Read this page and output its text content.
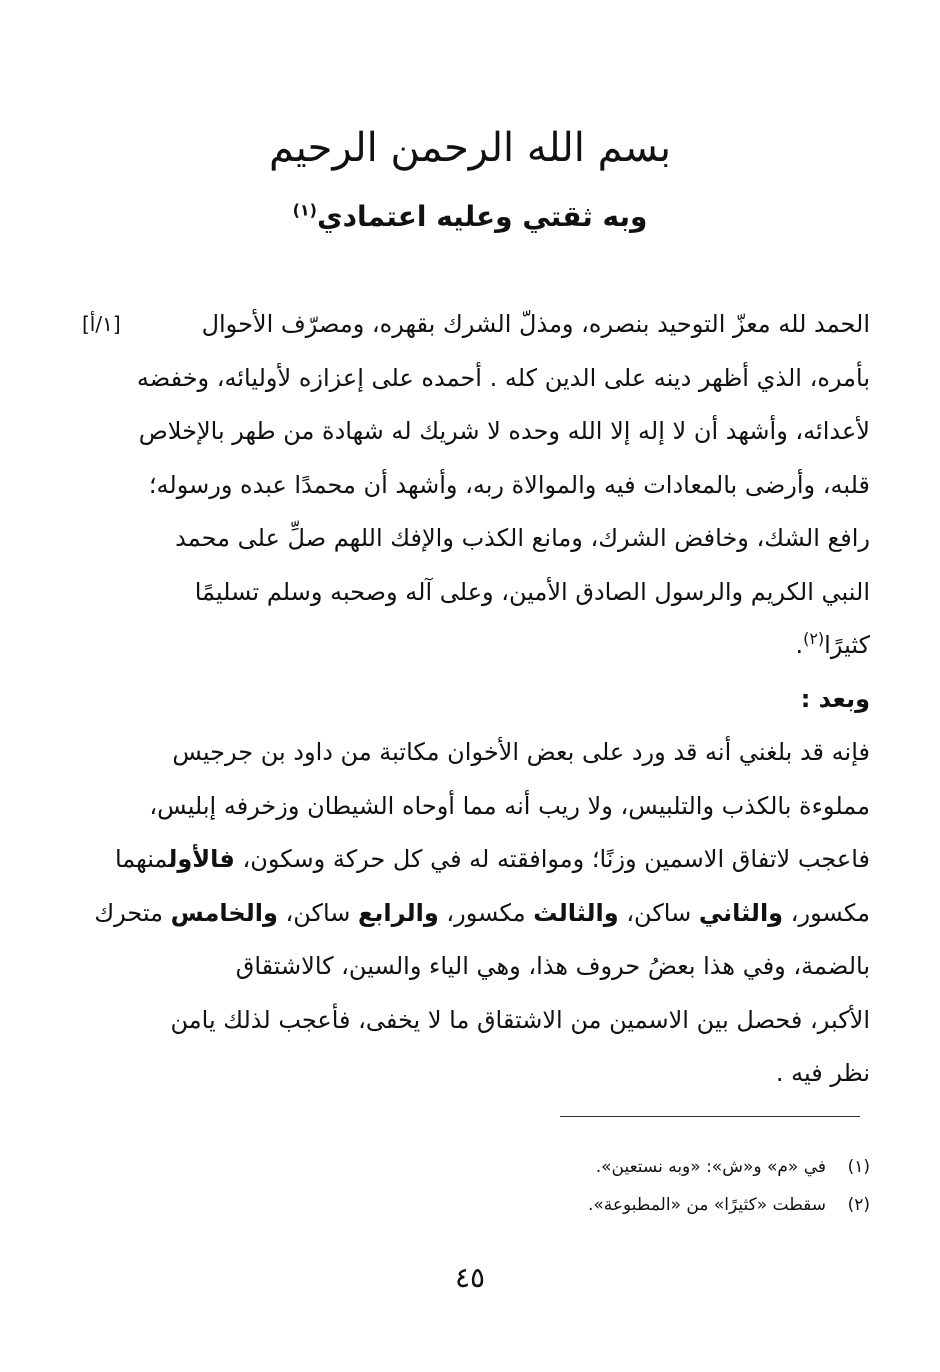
بسم الله الرحمن الرحيم
وبه ثقتي وعليه اعتمادي$^{(١)}$
[١/أ]	الحمد لله معزّ التوحيد بنصره، ومذلّ الشرك بقهره، ومصرّف الأحوال
بأمره، الذي أظهر دينه على الدين كله . أحمده على إعزازه لأوليائه، وخفضه
لأعدائه، وأشهد أن لا إله إلا الله وحده لا شريك له شهادة من طهر بالإخلاص
قلبه، وأرضى بالمعادات فيه والموالاة ربه، وأشهد أن محمدًا عبده ورسوله؛
رافع الشك، وخافض الشرك، ومانع الكذب والإفك اللهم صلِّ على محمد
النبي الكريم والرسول الصادق الأمين، وعلى آله وصحبه وسلم تسليمًا
كثيرًا$^{(٢)}$.
وبعد :
فإنه قد بلغني أنه قد ورد على بعض الأخوان مكاتبة من داود بن جرجيس
مملوءة بالكذب والتلبيس، ولا ريب أنه مما أوحاه الشيطان وزخرفه إبليس،
فاعجب لاتفاق الاسمين وزنًا؛ وموافقته له في كل حركة وسكون، فالأولمنهما
مكسور، والثاني ساكن، والثالث مكسور، والرابع ساكن، والخامس متحرك
بالضمة، وفي هذا بعضُ حروف هذا، وهي الياء والسين، كالاشتقاق
الأكبر، فحصل بين الاسمين من الاشتقاق ما لا يخفى، فأعجب لذلك يامن
نظر فيه .
(١)في «م» و«ش»: «وبه نستعين».
(٢)سقطت «كثيرًا» من «المطبوعة».
٤٥
